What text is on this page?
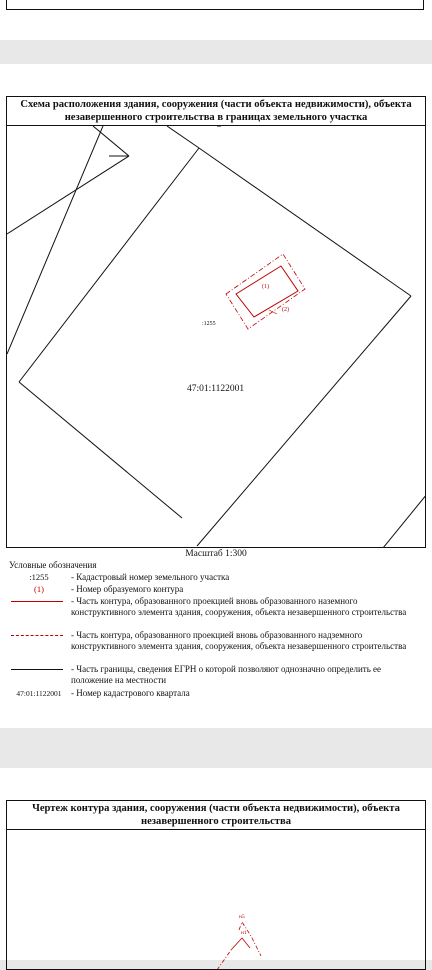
Схема расположения здания, сооружения (части объекта недвижимости), объекта незавершенного строительства в границах земельного участка
(1)
(2)
:1255
47:01:1122001
Масштаб 1:300
Условные обозначения
:1255	- Кадастровый номер земельного участка
(1)	- Номер образуемого контура
- Часть контура, образованного проекцией вновь образованного наземного конструктивного элемента здания, сооружения, объекта незавершенного строительства
- Часть контура, образованного проекцией вновь образованного надземного конструктивного элемента здания, сооружения, объекта незавершенного строительства
- Часть границы, сведения ЕГРН о которой позволяют однозначно определить ее положение на местности
47:01:1122001	- Номер кадастрового квартала
Чертеж контура здания, сооружения (части объекта недвижимости), объекта незавершенного строительства
н5
н1
